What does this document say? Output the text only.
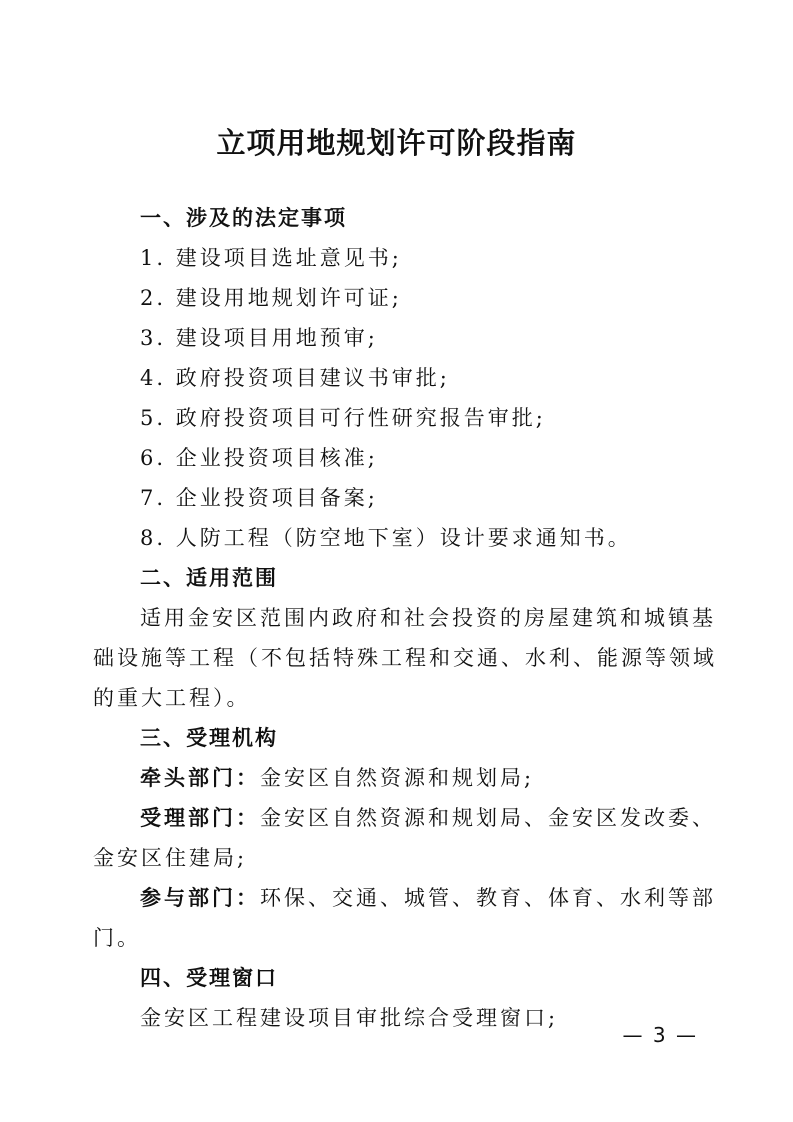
立项用地规划许可阶段指南
一、涉及的法定事项
1. 建设项目选址意见书;
2. 建设用地规划许可证;
3. 建设项目用地预审;
4. 政府投资项目建议书审批;
5. 政府投资项目可行性研究报告审批;
6. 企业投资项目核准;
7. 企业投资项目备案;
8. 人防工程（防空地下室）设计要求通知书。
二、适用范围
适用金安区范围内政府和社会投资的房屋建筑和城镇基
础设施等工程（不包括特殊工程和交通、水利、能源等领域
的重大工程）。
三、受理机构
牵头部门：金安区自然资源和规划局;
受理部门：金安区自然资源和规划局、金安区发改委、
金安区住建局;
参与部门：环保、交通、城管、教育、体育、水利等部
门。
四、受理窗口
金安区工程建设项目审批综合受理窗口;
— 3 —
